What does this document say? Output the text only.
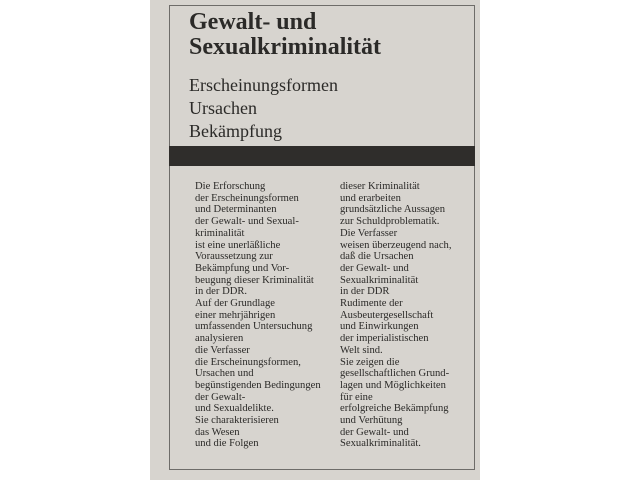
Gewalt- und
Sexualkriminalität
Erscheinungsformen
Ursachen
Bekämpfung
Die Erforschung
der Erscheinungsformen
und Determinanten
der Gewalt- und Sexual-
kriminalität
ist eine unerläßliche
Voraussetzung zur
Bekämpfung und Vor-
beugung dieser Kriminalität
in der DDR.
Auf der Grundlage
einer mehrjährigen
umfassenden Untersuchung
analysieren
die Verfasser
die Erscheinungsformen,
Ursachen und
begünstigenden Bedingungen
der Gewalt-
und Sexualdelikte.
Sie charakterisieren
das Wesen
und die Folgen
dieser Kriminalität
und erarbeiten
grundsätzliche Aussagen
zur Schuldproblematik.
Die Verfasser
weisen überzeugend nach,
daß die Ursachen
der Gewalt- und
Sexualkriminalität
in der DDR
Rudimente der
Ausbeutergesellschaft
und Einwirkungen
der imperialistischen
Welt sind.
Sie zeigen die
gesellschaftlichen Grund-
lagen und Möglichkeiten
für eine
erfolgreiche Bekämpfung
und Verhütung
der Gewalt- und
Sexualkriminalität.
